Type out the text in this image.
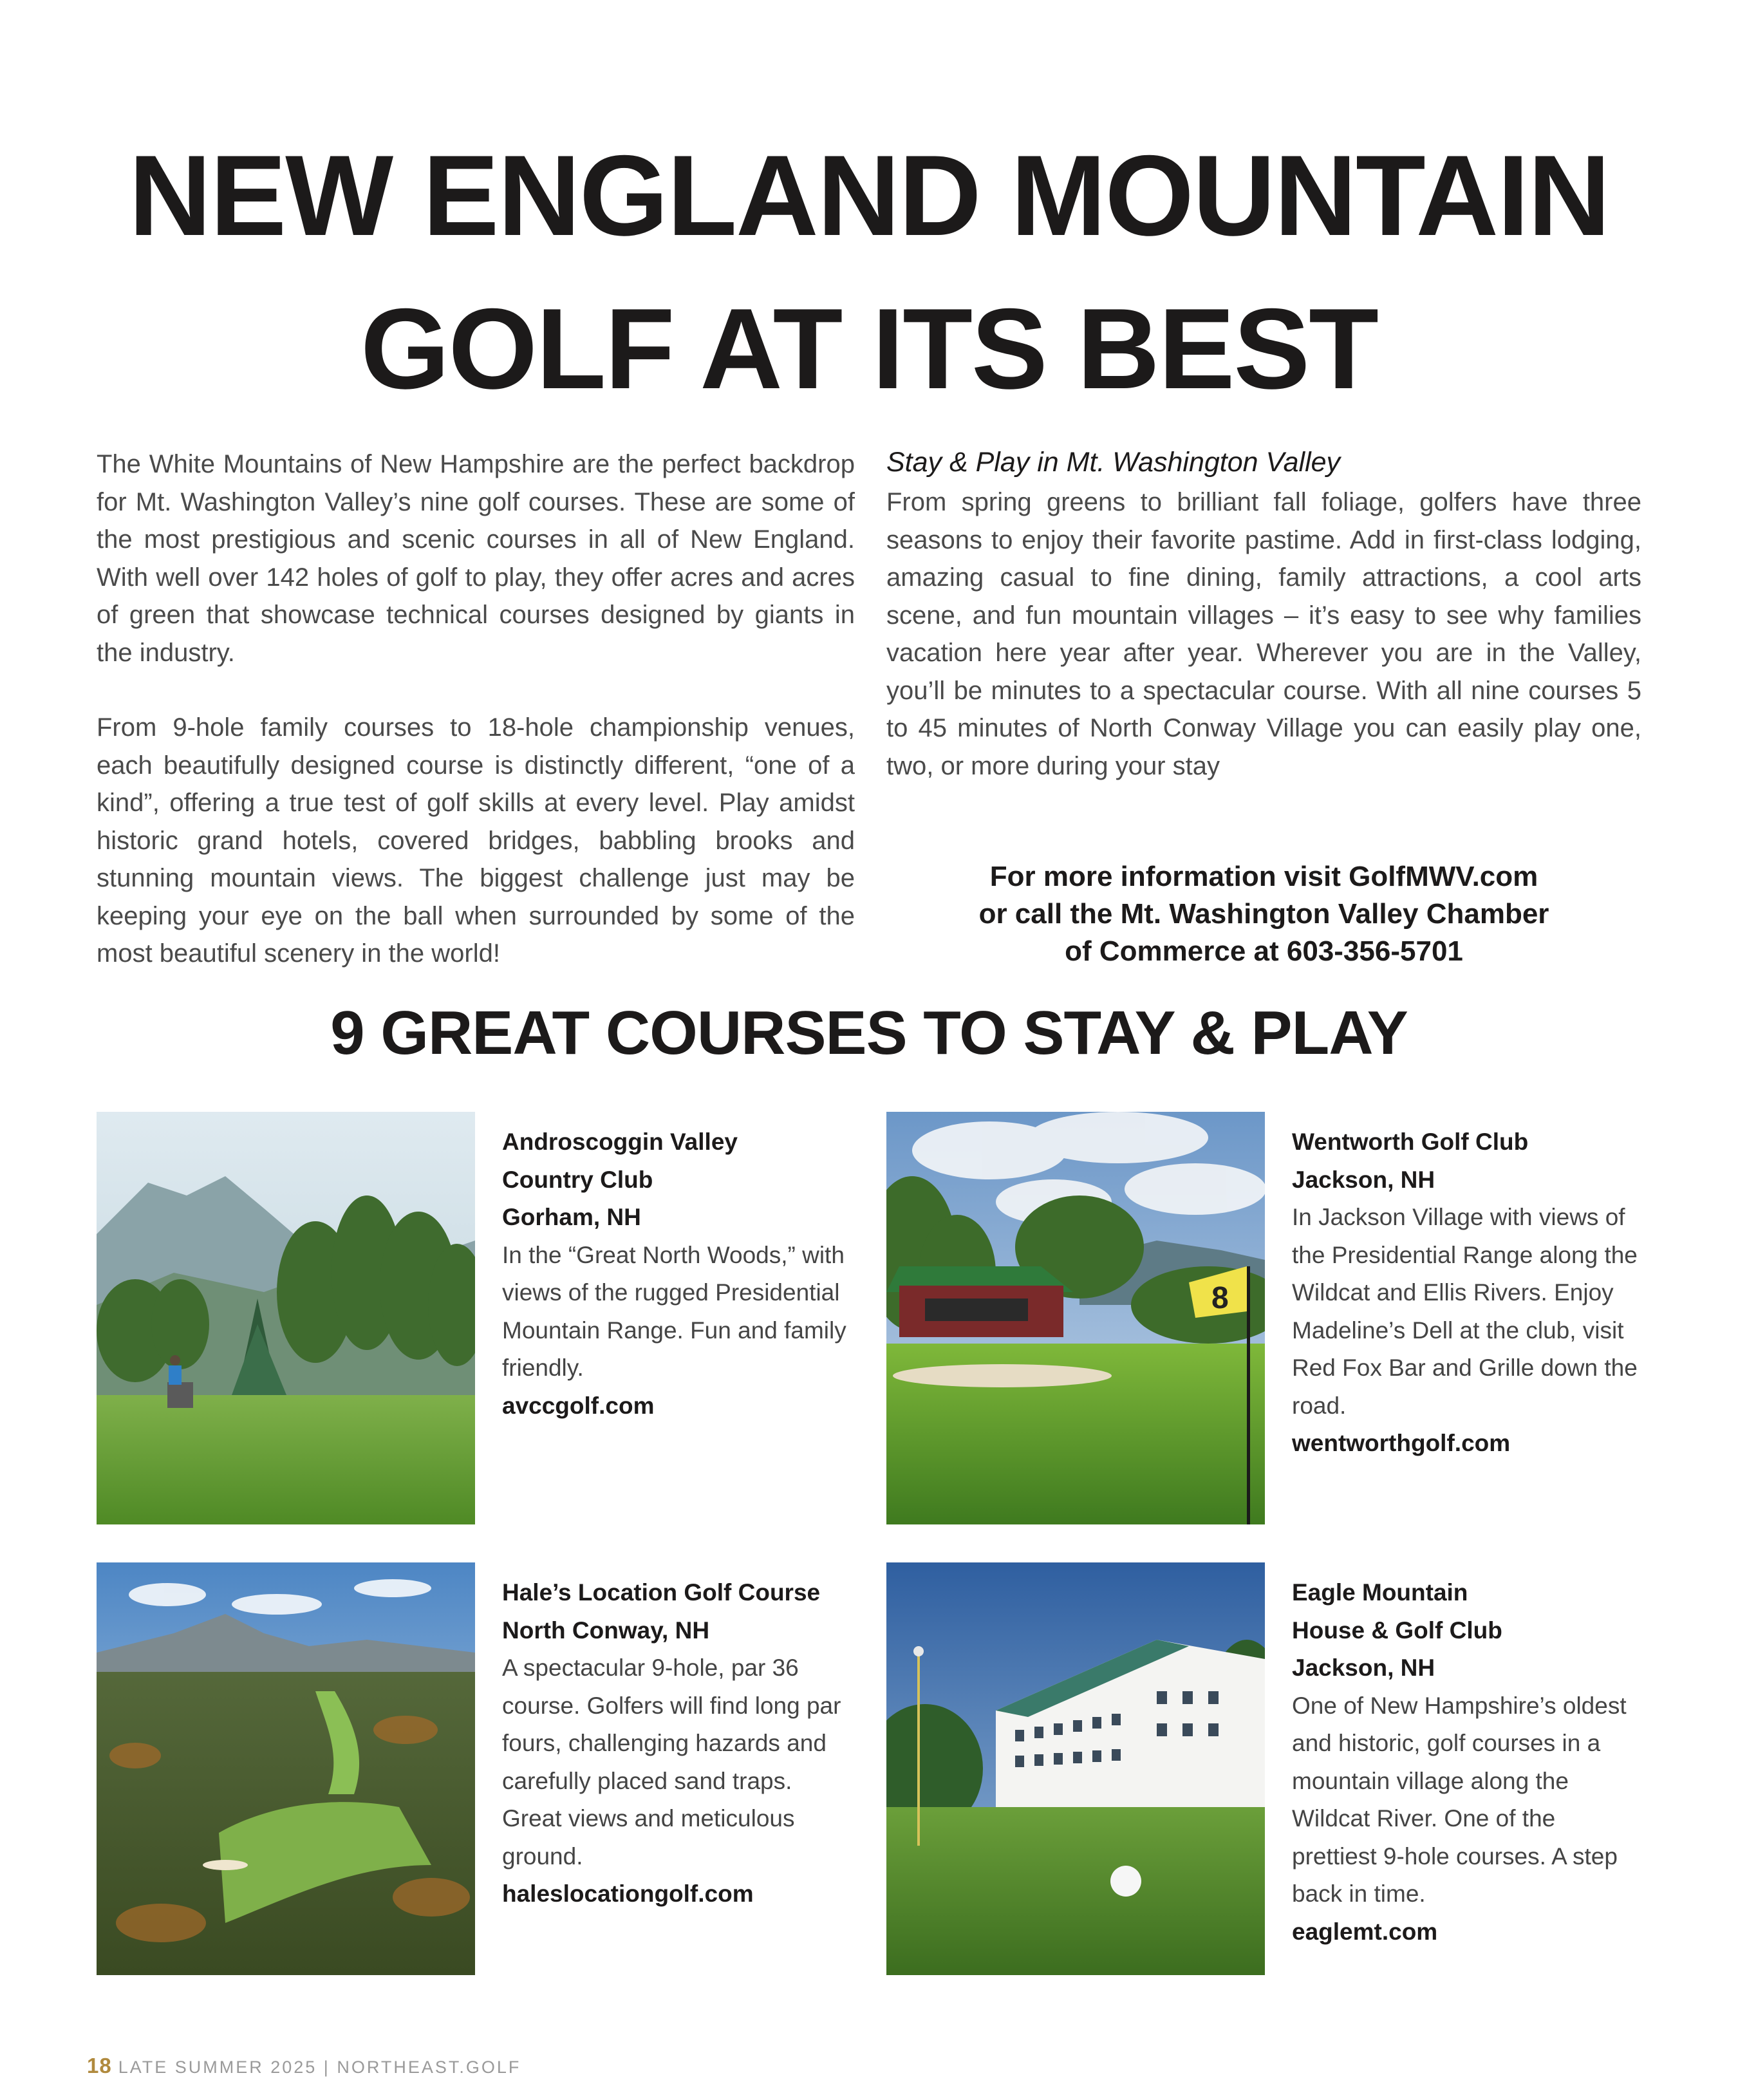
NEW ENGLAND MOUNTAIN
GOLF AT ITS BEST

The White Mountains of New Hampshire are the perfect backdrop for Mt. Washington Valley’s nine golf courses. These are some of the most prestigious and scenic courses in all of New England. With well over 142 holes of golf to play, they offer acres and acres of green that showcase technical courses designed by giants in the industry.

From 9-hole family courses to 18-hole championship venues, each beautifully designed course is distinctly different, “one of a kind”, offering a true test of golf skills at every level. Play amidst historic grand hotels, covered bridges, babbling brooks and stunning mountain views. The biggest challenge just may be keeping your eye on the ball when surrounded by some of the most beautiful scenery in the world!

Stay & Play in Mt. Washington Valley

From spring greens to brilliant fall foliage, golfers have three seasons to enjoy their favorite pastime. Add in first-class lodging, amazing casual to fine dining, family attractions, a cool arts scene, and fun mountain villages – it’s easy to see why families vacation here year after year. Wherever you are in the Valley, you’ll be minutes to a spectacular course. With all nine courses 5 to 45 minutes of North Conway Village you can easily play one, two, or more during your stay

For more information visit GolfMWV.com
or call the Mt. Washington Valley Chamber
of Commerce at 603-356-5701

9 GREAT COURSES TO STAY & PLAY
8
Androscoggin Valley
Country Club
Gorham, NH
In the “Great North Woods,” with views of the rugged Presidential Mountain Range. Fun and family friendly.
avccgolf.com
Wentworth Golf Club
Jackson, NH
In Jackson Village with views of the Presidential Range along the Wildcat and Ellis Rivers. Enjoy Madeline’s Dell at the club, visit Red Fox Bar and Grille down the road.
wentworthgolf.com
Hale’s Location Golf Course
North Conway, NH
A spectacular 9-hole, par 36 course. Golfers will find long par fours, challenging hazards and carefully placed sand traps. Great views and meticulous ground.
haleslocationgolf.com
Eagle Mountain
House & Golf Club
Jackson, NH
One of New Hampshire’s oldest and historic, golf courses in a mountain village along the Wildcat River. One of the prettiest 9-hole courses. A step back in time.
eaglemt.com
18 LATE SUMMER 2025 | NORTHEAST.GOLF
